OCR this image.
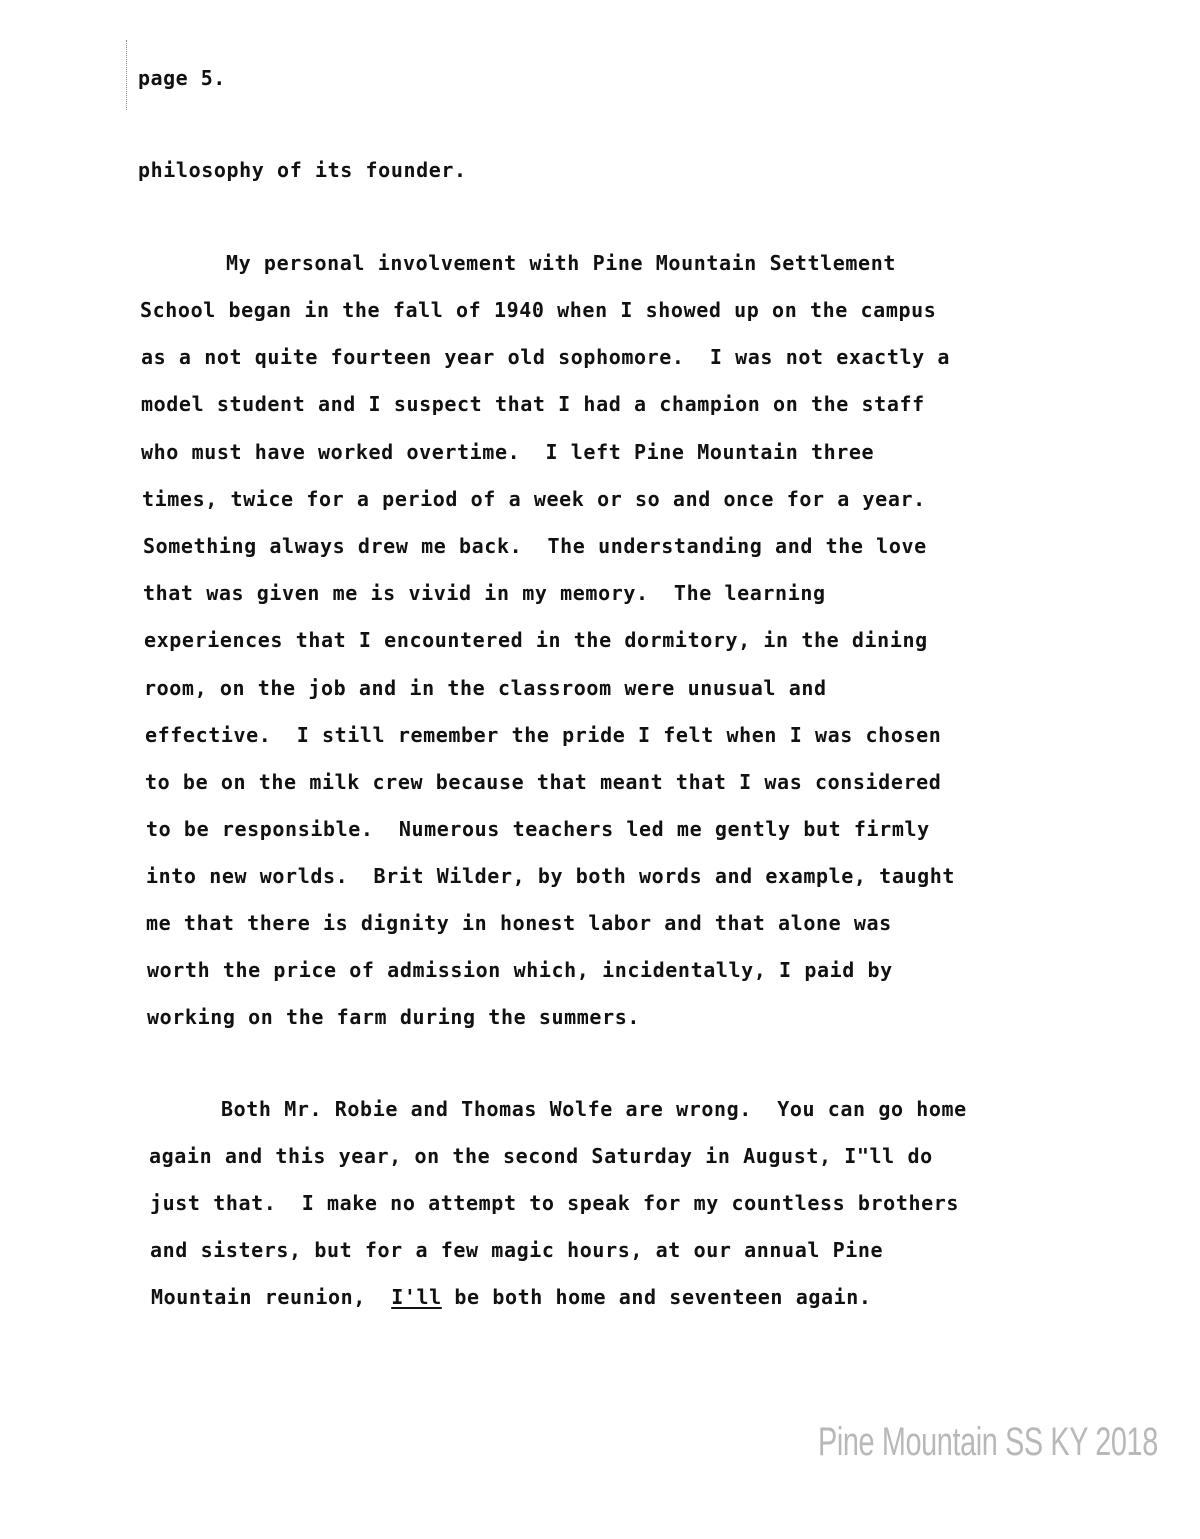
page 5.
philosophy of its founder.
My personal involvement with Pine Mountain Settlement
School began in the fall of 1940 when I showed up on the campus
as a not quite fourteen year old sophomore.  I was not exactly a
model student and I suspect that I had a champion on the staff
who must have worked overtime.  I left Pine Mountain three
times, twice for a period of a week or so and once for a year.
Something always drew me back.  The understanding and the love
that was given me is vivid in my memory.  The learning
experiences that I encountered in the dormitory, in the dining
room, on the job and in the classroom were unusual and
effective.  I still remember the pride I felt when I was chosen
to be on the milk crew because that meant that I was considered
to be responsible.  Numerous teachers led me gently but firmly
into new worlds.  Brit Wilder, by both words and example, taught
me that there is dignity in honest labor and that alone was
worth the price of admission which, incidentally, I paid by
working on the farm during the summers.
Both Mr. Robie and Thomas Wolfe are wrong.  You can go home
again and this year, on the second Saturday in August, I"ll do
just that.  I make no attempt to speak for my countless brothers
and sisters, but for a few magic hours, at our annual Pine
Mountain reunion,  I'll be both home and seventeen again.
Pine Mountain SS KY 2018
